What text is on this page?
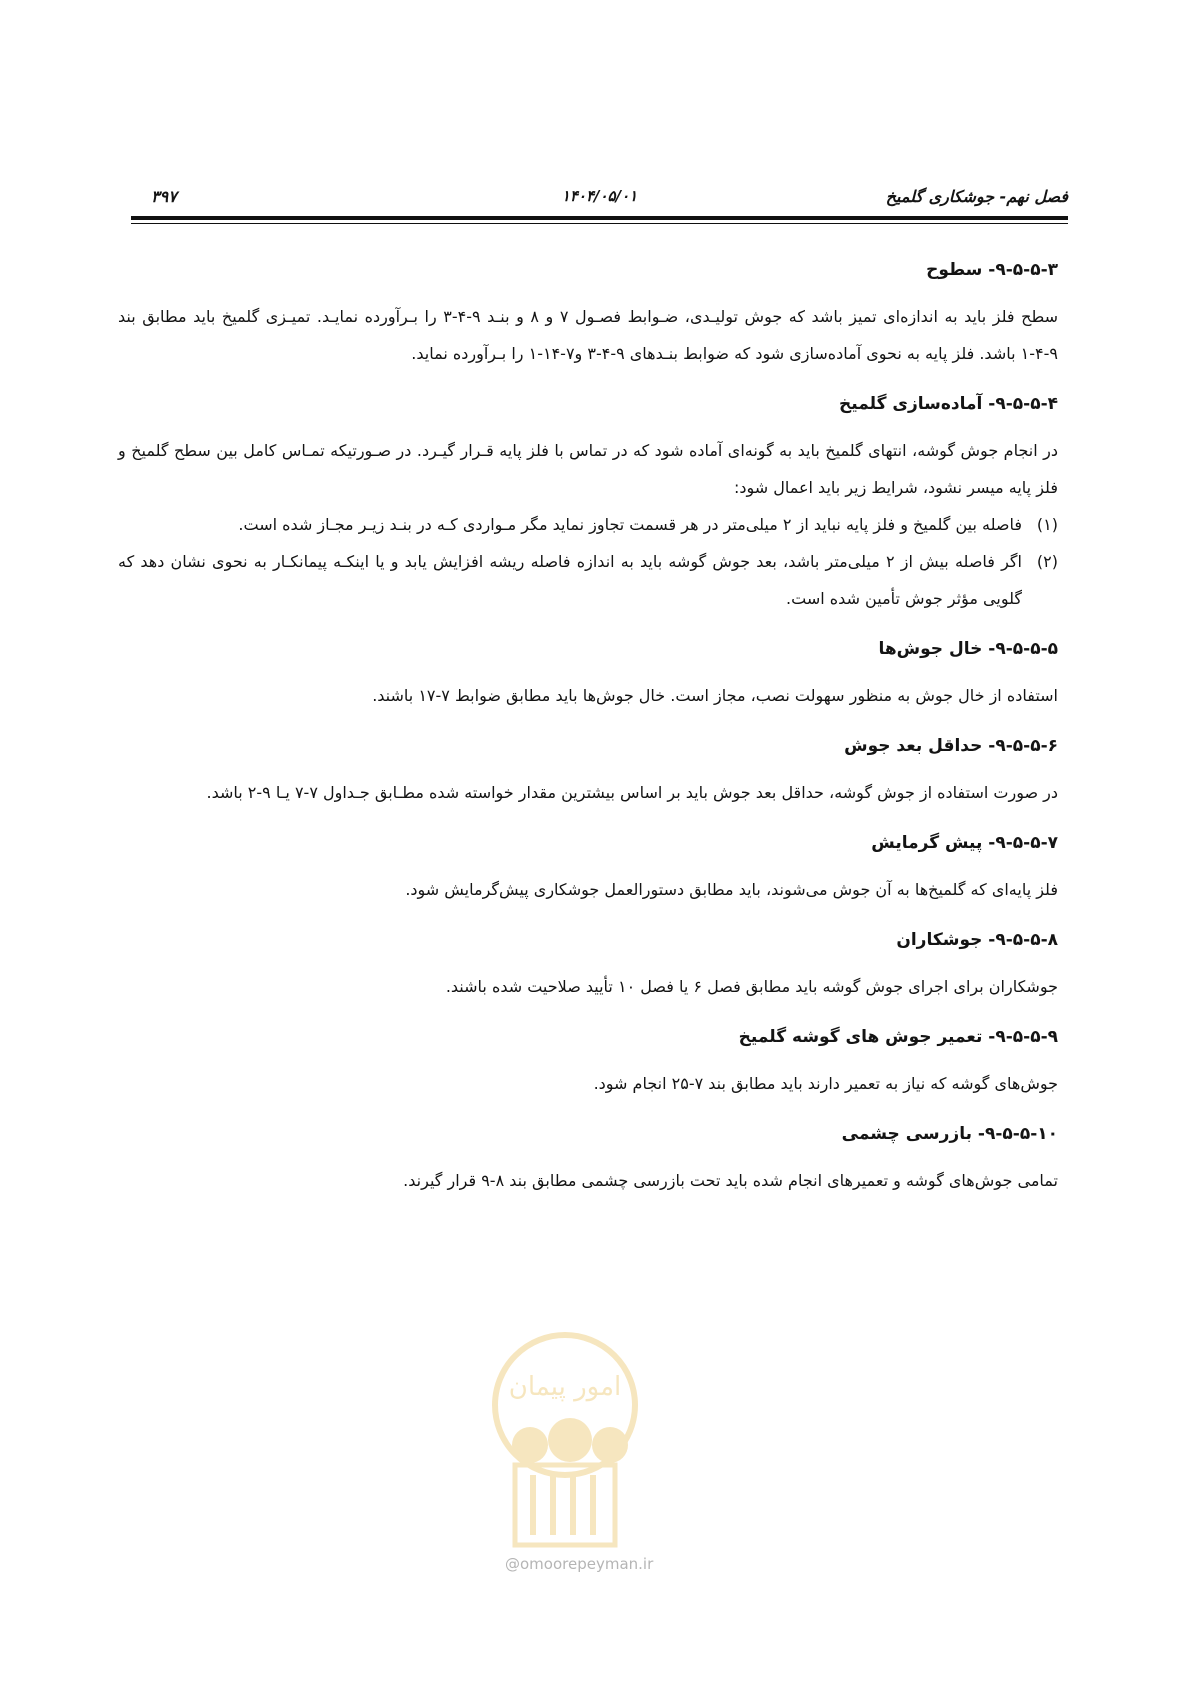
فصل نهم- جوشکاری گلمیخ
۱۴۰۴/۰۵/۰۱
۳۹۷
۹-۵-۵-۳- سطوح

سطح فلز باید به اندازه‌ای تمیز باشد که جوش تولیـدی، ضـوابط فصـول ۷ و ۸ و بنـد ۹-۴-۳ را بـرآورده نمایـد. تمیـزی گلمیخ باید مطابق بند ۹-۴-۱ باشد. فلز پایه به نحوی آماده‌سازی شود که ضوابط بنـدهای ۹-۴-۳ و۷-۱۴-۱ را بـرآورده نماید.

۹-۵-۵-۴- آماده‌سازی گلمیخ

در انجام جوش گوشه، انتهای گلمیخ باید به گونه‌ای آماده شود که در تماس با فلز پایه قـرار گیـرد. در صـورتیکه تمـاس کامل بین سطح گلمیخ و فلز پایه میسر نشود، شرایط زیر باید اعمال شود:

(۱)
فاصله بین گلمیخ و فلز پایه نباید از ۲ میلی‌متر در هر قسمت تجاوز نماید مگر مـواردی کـه در بنـد زیـر مجـاز شده است.
(۲)
اگر فاصله بیش از ۲ میلی‌متر باشد، بعد جوش گوشه باید به اندازه فاصله ریشه افزایش یابد و یا اینکـه پیمانکـار به نحوی نشان دهد که گلویی مؤثر جوش تأمین شده است.
۹-۵-۵-۵- خال جوش‌ها

استفاده از خال جوش به منظور سهولت نصب، مجاز است. خال جوش‌ها باید مطابق ضوابط ۷-۱۷ باشند.

۹-۵-۵-۶- حداقل بعد جوش

در صورت استفاده از جوش گوشه، حداقل بعد جوش باید بر اساس بیشترین مقدار خواسته شده مطـابق جـداول ۷-۷ یـا ۹-۲ باشد.

۹-۵-۵-۷- پیش گرمایش

فلز پایه‌ای که گلمیخ‌ها به آن جوش می‌شوند، باید مطابق دستورالعمل جوشکاری پیش‌گرمایش شود.

۹-۵-۵-۸- جوشکاران

جوشکاران برای اجرای جوش گوشه باید مطابق فصل ۶ یا فصل ۱۰ تأیید صلاحیت شده باشند.

۹-۵-۵-۹- تعمیر جوش های گوشه گلمیخ

جوش‌های گوشه که نیاز به تعمیر دارند باید مطابق بند ۷-۲۵ انجام شود.

۹-۵-۵-۱۰- بازرسی چشمی

تمامی جوش‌های گوشه و تعمیرهای انجام شده باید تحت بازرسی چشمی مطابق بند ۸-۹ قرار گیرند.

امور پیمان
@omoorepeyman.ir
